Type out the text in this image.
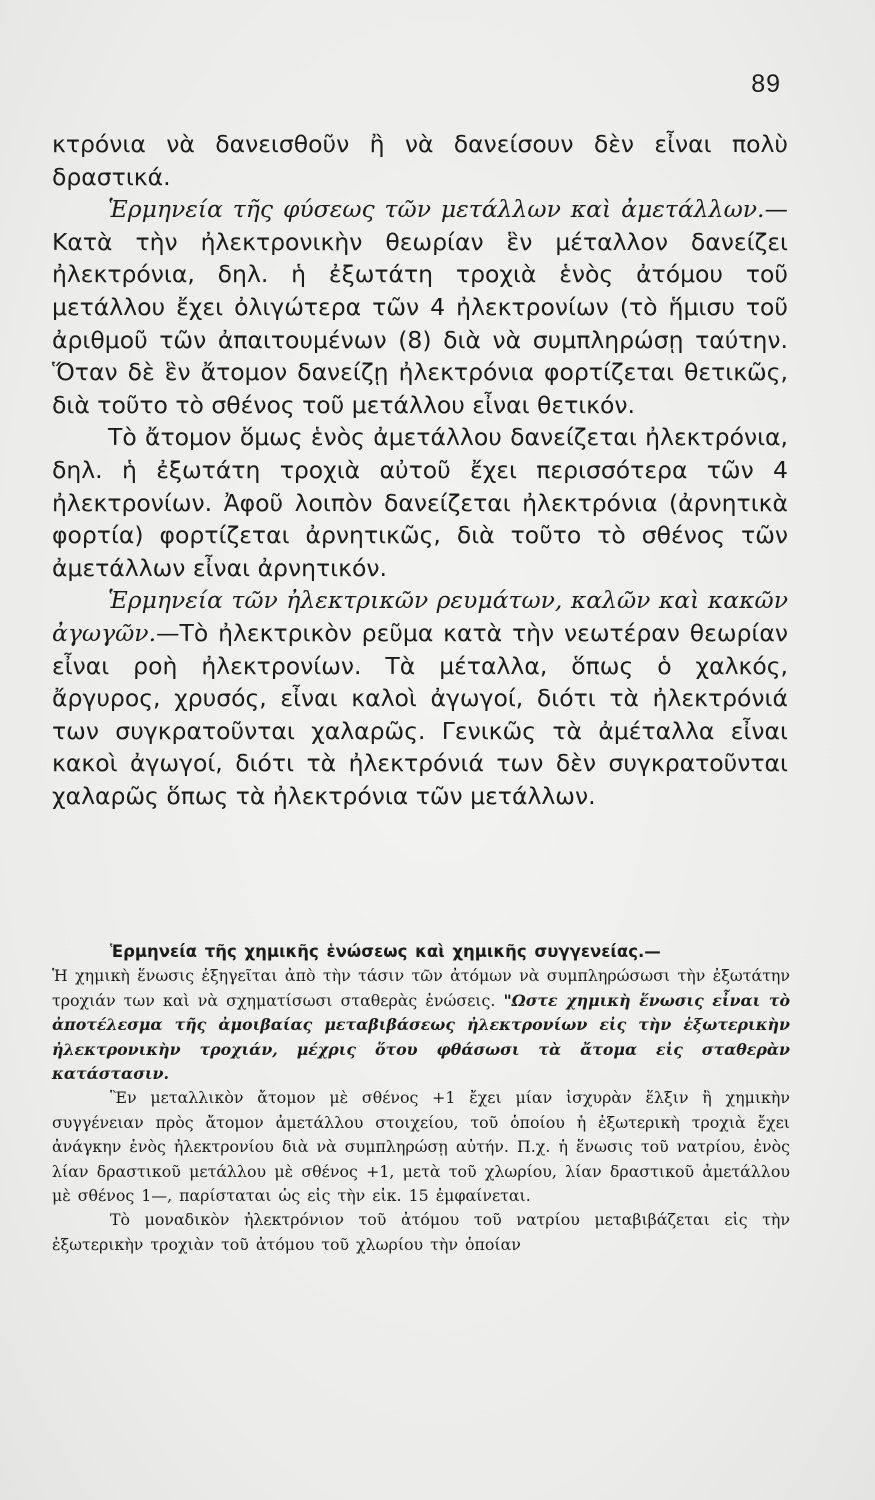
89

κτρόνια νὰ δανεισθοῦν ἢ νὰ δανείσουν δὲν εἶναι πολὺ δραστικά.

Ἑρμηνεία τῆς φύσεως τῶν μετάλλων καὶ ἀμετάλλων.—Κατὰ τὴν ἠλεκτρονικὴν θεωρίαν ἓν μέταλλον δανείζει ἠλεκτρόνια, δηλ. ἡ ἐξωτάτη τροχιὰ ἑνὸς ἀτόμου τοῦ μετάλλου ἔχει ὀλιγώτερα τῶν 4 ἠλεκτρονίων (τὸ ἥμισυ τοῦ ἀριθμοῦ τῶν ἀπαιτουμένων (8) διὰ νὰ συμπληρώσῃ ταύτην. Ὅταν δὲ ἓν ἄτομον δανείζῃ ἠλεκτρόνια φορτίζεται θετικῶς, διὰ τοῦτο τὸ σθένος τοῦ μετάλλου εἶναι θετικόν.

Τὸ ἄτομον ὅμως ἑνὸς ἀμετάλλου δανείζεται ἠλεκτρόνια, δηλ. ἡ ἐξωτάτη τροχιὰ αὐτοῦ ἔχει περισσότερα τῶν 4 ἠλεκτρονίων. Ἀφοῦ λοιπὸν δανείζεται ἠλεκτρόνια (ἀρνητικὰ φορτία) φορτίζεται ἀρνητικῶς, διὰ τοῦτο τὸ σθένος τῶν ἀμετάλλων εἶναι ἀρνητικόν.

Ἑρμηνεία τῶν ἠλεκτρικῶν ρευμάτων, καλῶν καὶ κακῶν ἀγωγῶν.—Τὸ ἠλεκτρικὸν ρεῦμα κατὰ τὴν νεωτέραν θεωρίαν εἶναι ροὴ ἠλεκτρονίων. Τὰ μέταλλα, ὅπως ὁ χαλκός, ἄργυρος, χρυσός, εἶναι καλοὶ ἀγωγοί, διότι τὰ ἠλεκτρόνιά των συγκρατοῦνται χαλαρῶς. Γενικῶς τὰ ἀμέταλλα εἶναι κακοὶ ἀγωγοί, διότι τὰ ἠλεκτρόνιά των δὲν συγκρατοῦνται χαλαρῶς ὅπως τὰ ἠλεκτρόνια τῶν μετάλλων.

Ἑρμηνεία τῆς χημικῆς ἑνώσεως καὶ χημικῆς συγγενείας.—

Ἡ χημικὴ ἕνωσις ἐξηγεῖται ἀπὸ τὴν τάσιν τῶν ἀτόμων νὰ συμπληρώσωσι τὴν ἐξωτάτην τροχιάν των καὶ νὰ σχηματίσωσι σταθερὰς ἑνώσεις. "Ωστε χημικὴ ἕνωσις εἶναι τὸ ἀποτέλεσμα τῆς ἀμοιβαίας μεταβιβάσεως ἠλεκτρονίων εἰς τὴν ἐξωτερικὴν ἠλεκτρονικὴν τροχιάν, μέχρις ὅτου φθάσωσι τὰ ἄτομα εἰς σταθερὰν κατάστασιν.

Ἓν μεταλλικὸν ἄτομον μὲ σθένος +1 ἔχει μίαν ἰσχυρὰν ἕλξιν ἢ χημικὴν συγγένειαν πρὸς ἄτομον ἀμετάλλου στοιχείου, τοῦ ὁποίου ἡ ἐξωτερικὴ τροχιὰ ἔχει ἀνάγκην ἑνὸς ἠλεκτρονίου διὰ νὰ συμπληρώσῃ αὐτήν. Π.χ. ἡ ἕνωσις τοῦ νατρίου, ἑνὸς λίαν δραστικοῦ μετάλλου μὲ σθένος +1, μετὰ τοῦ χλωρίου, λίαν δραστικοῦ ἀμετάλλου μὲ σθένος 1—, παρίσταται ὡς εἰς τὴν εἰκ. 15 ἐμφαίνεται.

Τὸ μοναδικὸν ἠλεκτρόνιον τοῦ ἀτόμου τοῦ νατρίου μεταβιβάζεται εἰς τὴν ἐξωτερικὴν τροχιὰν τοῦ ἀτόμου τοῦ χλωρίου τὴν ὁποίαν
